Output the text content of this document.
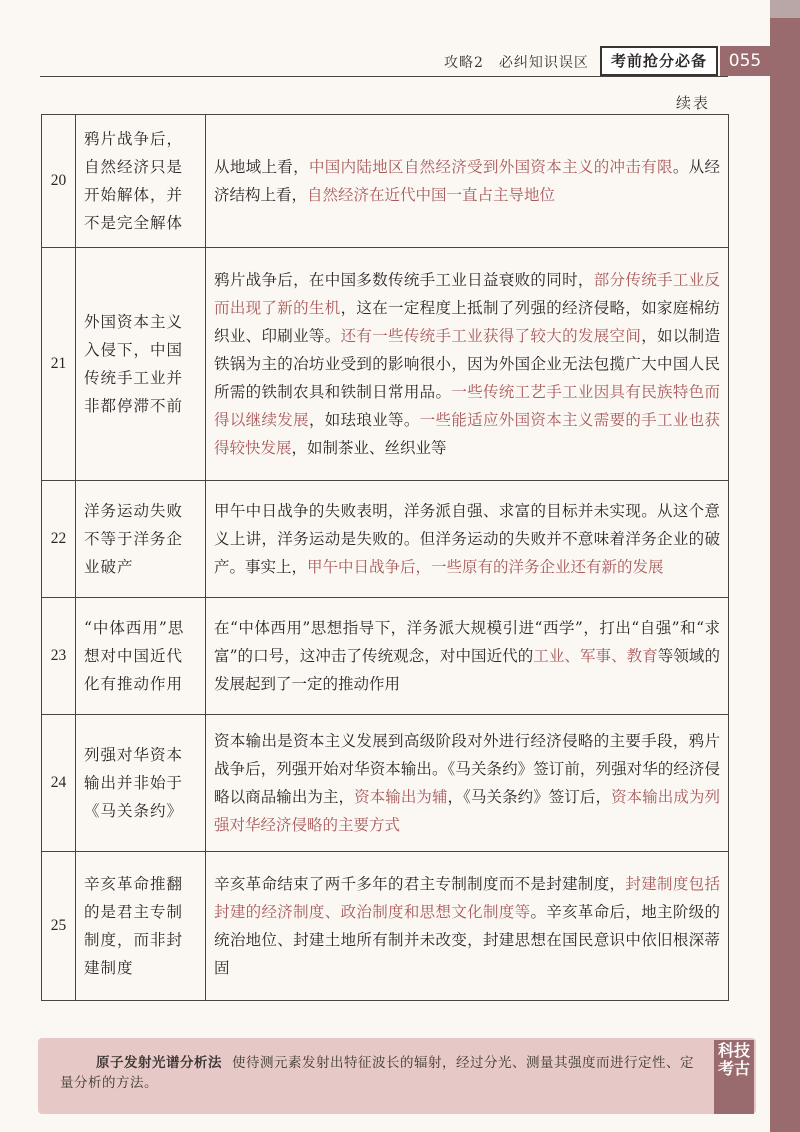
攻略2　必纠知识误区	考前抢分必备	055
续表
20	鸦片战争后，自然经济只是开始解体，并不是完全解体	从地域上看，中国内陆地区自然经济受到外国资本主义的冲击有限。从经济结构上看，自然经济在近代中国一直占主导地位
21	外国资本主义入侵下，中国传统手工业并非都停滞不前	鸦片战争后，在中国多数传统手工业日益衰败的同时，部分传统手工业反而出现了新的生机，这在一定程度上抵制了列强的经济侵略，如家庭棉纺织业、印刷业等。还有一些传统手工业获得了较大的发展空间，如以制造铁锅为主的冶坊业受到的影响很小，因为外国企业无法包揽广大中国人民所需的铁制农具和铁制日常用品。一些传统工艺手工业因具有民族特色而得以继续发展，如珐琅业等。一些能适应外国资本主义需要的手工业也获得较快发展，如制茶业、丝织业等
22	洋务运动失败不等于洋务企业破产	甲午中日战争的失败表明，洋务派自强、求富的目标并未实现。从这个意义上讲，洋务运动是失败的。但洋务运动的失败并不意味着洋务企业的破产。事实上，甲午中日战争后，一些原有的洋务企业还有新的发展
23	“中体西用”思想对中国近代化有推动作用	在“中体西用”思想指导下，洋务派大规模引进“西学”，打出“自强”和“求富”的口号，这冲击了传统观念，对中国近代的工业、军事、教育等领域的发展起到了一定的推动作用
24	列强对华资本输出并非始于《马关条约》	资本输出是资本主义发展到高级阶段对外进行经济侵略的主要手段，鸦片战争后，列强开始对华资本输出。《马关条约》签订前，列强对华的经济侵略以商品输出为主，资本输出为辅，《马关条约》签订后，资本输出成为列强对华经济侵略的主要方式
25	辛亥革命推翻的是君主专制制度，而非封建制度	辛亥革命结束了两千多年的君主专制制度而不是封建制度，封建制度包括封建的经济制度、政治制度和思想文化制度等。辛亥革命后，地主阶级的统治地位、封建土地所有制并未改变，封建思想在国民意识中依旧根深蒂固
原子发射光谱分析法 使待测元素发射出特征波长的辐射，经过分光、测量其强度而进行定性、定量分析的方法。
科技考古
